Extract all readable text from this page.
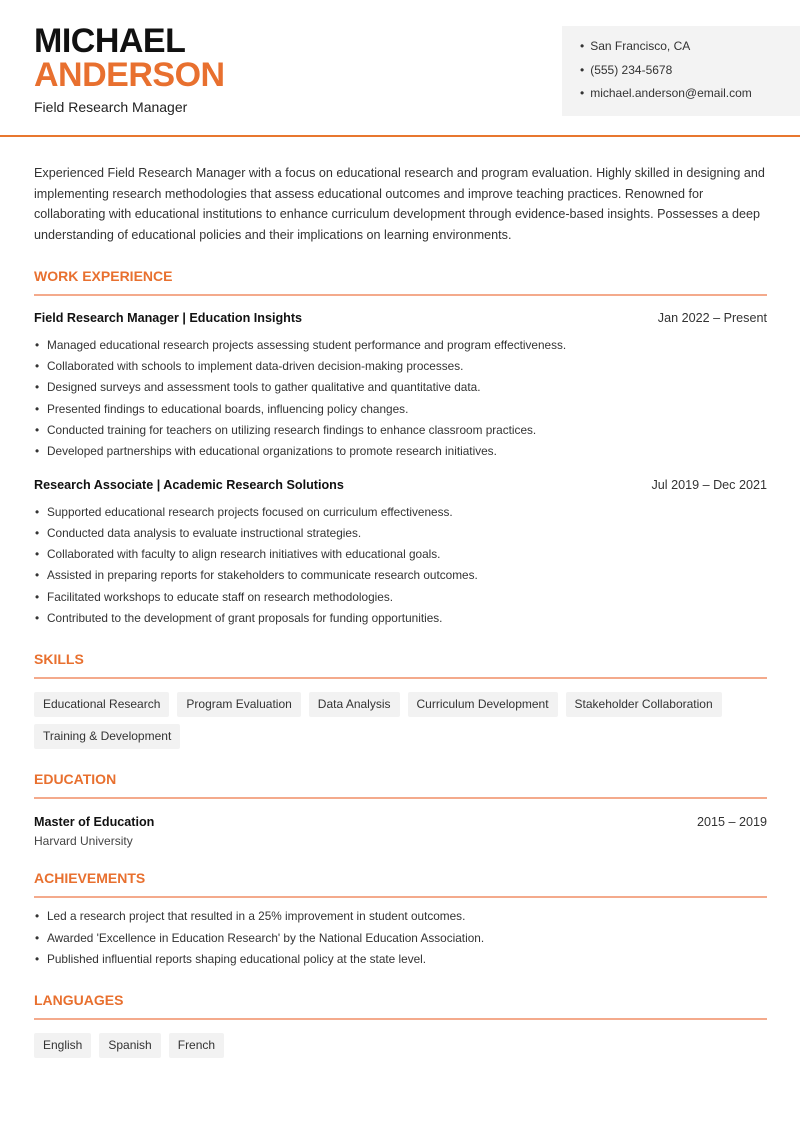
MICHAEL
ANDERSON
Field Research Manager
• San Francisco, CA
• (555) 234-5678
• michael.anderson@email.com

Experienced Field Research Manager with a focus on educational research and program evaluation. Highly skilled in designing and implementing research methodologies that assess educational outcomes and improve teaching practices. Renowned for collaborating with educational institutions to enhance curriculum development through evidence-based insights. Possesses a deep understanding of educational policies and their implications on learning environments.

WORK EXPERIENCE
Field Research Manager | Education Insights	Jan 2022 – Present
• Managed educational research projects assessing student performance and program effectiveness.
• Collaborated with schools to implement data-driven decision-making processes.
• Designed surveys and assessment tools to gather qualitative and quantitative data.
• Presented findings to educational boards, influencing policy changes.
• Conducted training for teachers on utilizing research findings to enhance classroom practices.
• Developed partnerships with educational organizations to promote research initiatives.
Research Associate | Academic Research Solutions	Jul 2019 – Dec 2021
• Supported educational research projects focused on curriculum effectiveness.
• Conducted data analysis to evaluate instructional strategies.
• Collaborated with faculty to align research initiatives with educational goals.
• Assisted in preparing reports for stakeholders to communicate research outcomes.
• Facilitated workshops to educate staff on research methodologies.
• Contributed to the development of grant proposals for funding opportunities.
SKILLS
Educational Research	Program Evaluation	Data Analysis	Curriculum Development	Stakeholder Collaboration
Training & Development
EDUCATION
Master of Education	2015 – 2019
Harvard University
ACHIEVEMENTS
• Led a research project that resulted in a 25% improvement in student outcomes.
• Awarded 'Excellence in Education Research' by the National Education Association.
• Published influential reports shaping educational policy at the state level.
LANGUAGES
English	Spanish	French
